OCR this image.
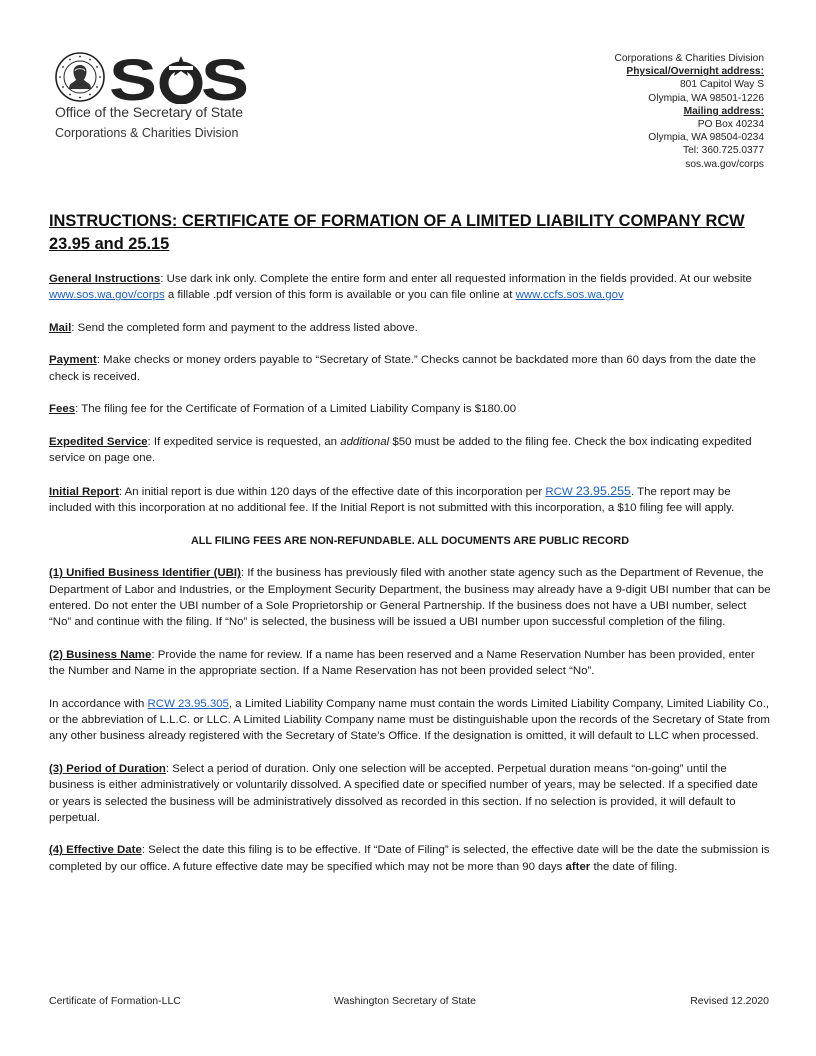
S S
Office of the Secretary of State
Corporations & Charities Division
Corporations & Charities Division
Physical/Overnight address:
801 Capitol Way S
Olympia, WA 98501-1226
Mailing address:
PO Box 40234
Olympia, WA 98504-0234
Tel: 360.725.0377
sos.wa.gov/corps
INSTRUCTIONS: CERTIFICATE OF FORMATION OF A LIMITED LIABILITY COMPANY RCW 23.95 and 25.15

General Instructions: Use dark ink only. Complete the entire form and enter all requested information in the fields provided. At our website www.sos.wa.gov/corps a fillable .pdf version of this form is available or you can file online at www.ccfs.sos.wa.gov

Mail: Send the completed form and payment to the address listed above.

Payment: Make checks or money orders payable to “Secretary of State.” Checks cannot be backdated more than 60 days from the date the check is received.

Fees: The filing fee for the Certificate of Formation of a Limited Liability Company is $180.00

Expedited Service: If expedited service is requested, an additional $50 must be added to the filing fee. Check the box indicating expedited service on page one.

Initial Report: An initial report is due within 120 days of the effective date of this incorporation per RCW 23.95.255. The report may be included with this incorporation at no additional fee. If the Initial Report is not submitted with this incorporation, a $10 filing fee will apply.

ALL FILING FEES ARE NON-REFUNDABLE. ALL DOCUMENTS ARE PUBLIC RECORD

(1) Unified Business Identifier (UBI): If the business has previously filed with another state agency such as the Department of Revenue, the Department of Labor and Industries, or the Employment Security Department, the business may already have a 9-digit UBI number that can be entered. Do not enter the UBI number of a Sole Proprietorship or General Partnership. If the business does not have a UBI number, select “No” and continue with the filing. If “No” is selected, the business will be issued a UBI number upon successful completion of the filing.

(2) Business Name: Provide the name for review. If a name has been reserved and a Name Reservation Number has been provided, enter the Number and Name in the appropriate section. If a Name Reservation has not been provided select “No”.

In accordance with RCW 23.95.305, a Limited Liability Company name must contain the words Limited Liability Company, Limited Liability Co., or the abbreviation of L.L.C. or LLC. A Limited Liability Company name must be distinguishable upon the records of the Secretary of State from any other business already registered with the Secretary of State’s Office. If the designation is omitted, it will default to LLC when processed.

(3) Period of Duration: Select a period of duration. Only one selection will be accepted. Perpetual duration means “on-going” until the business is either administratively or voluntarily dissolved. A specified date or specified number of years, may be selected. If a specified date or years is selected the business will be administratively dissolved as recorded in this section. If no selection is provided, it will default to perpetual.

(4) Effective Date: Select the date this filing is to be effective. If “Date of Filing” is selected, the effective date will be the date the submission is completed by our office. A future effective date may be specified which may not be more than 90 days after the date of filing.

Certificate of Formation-LLC	Washington Secretary of State	Revised 12.2020
